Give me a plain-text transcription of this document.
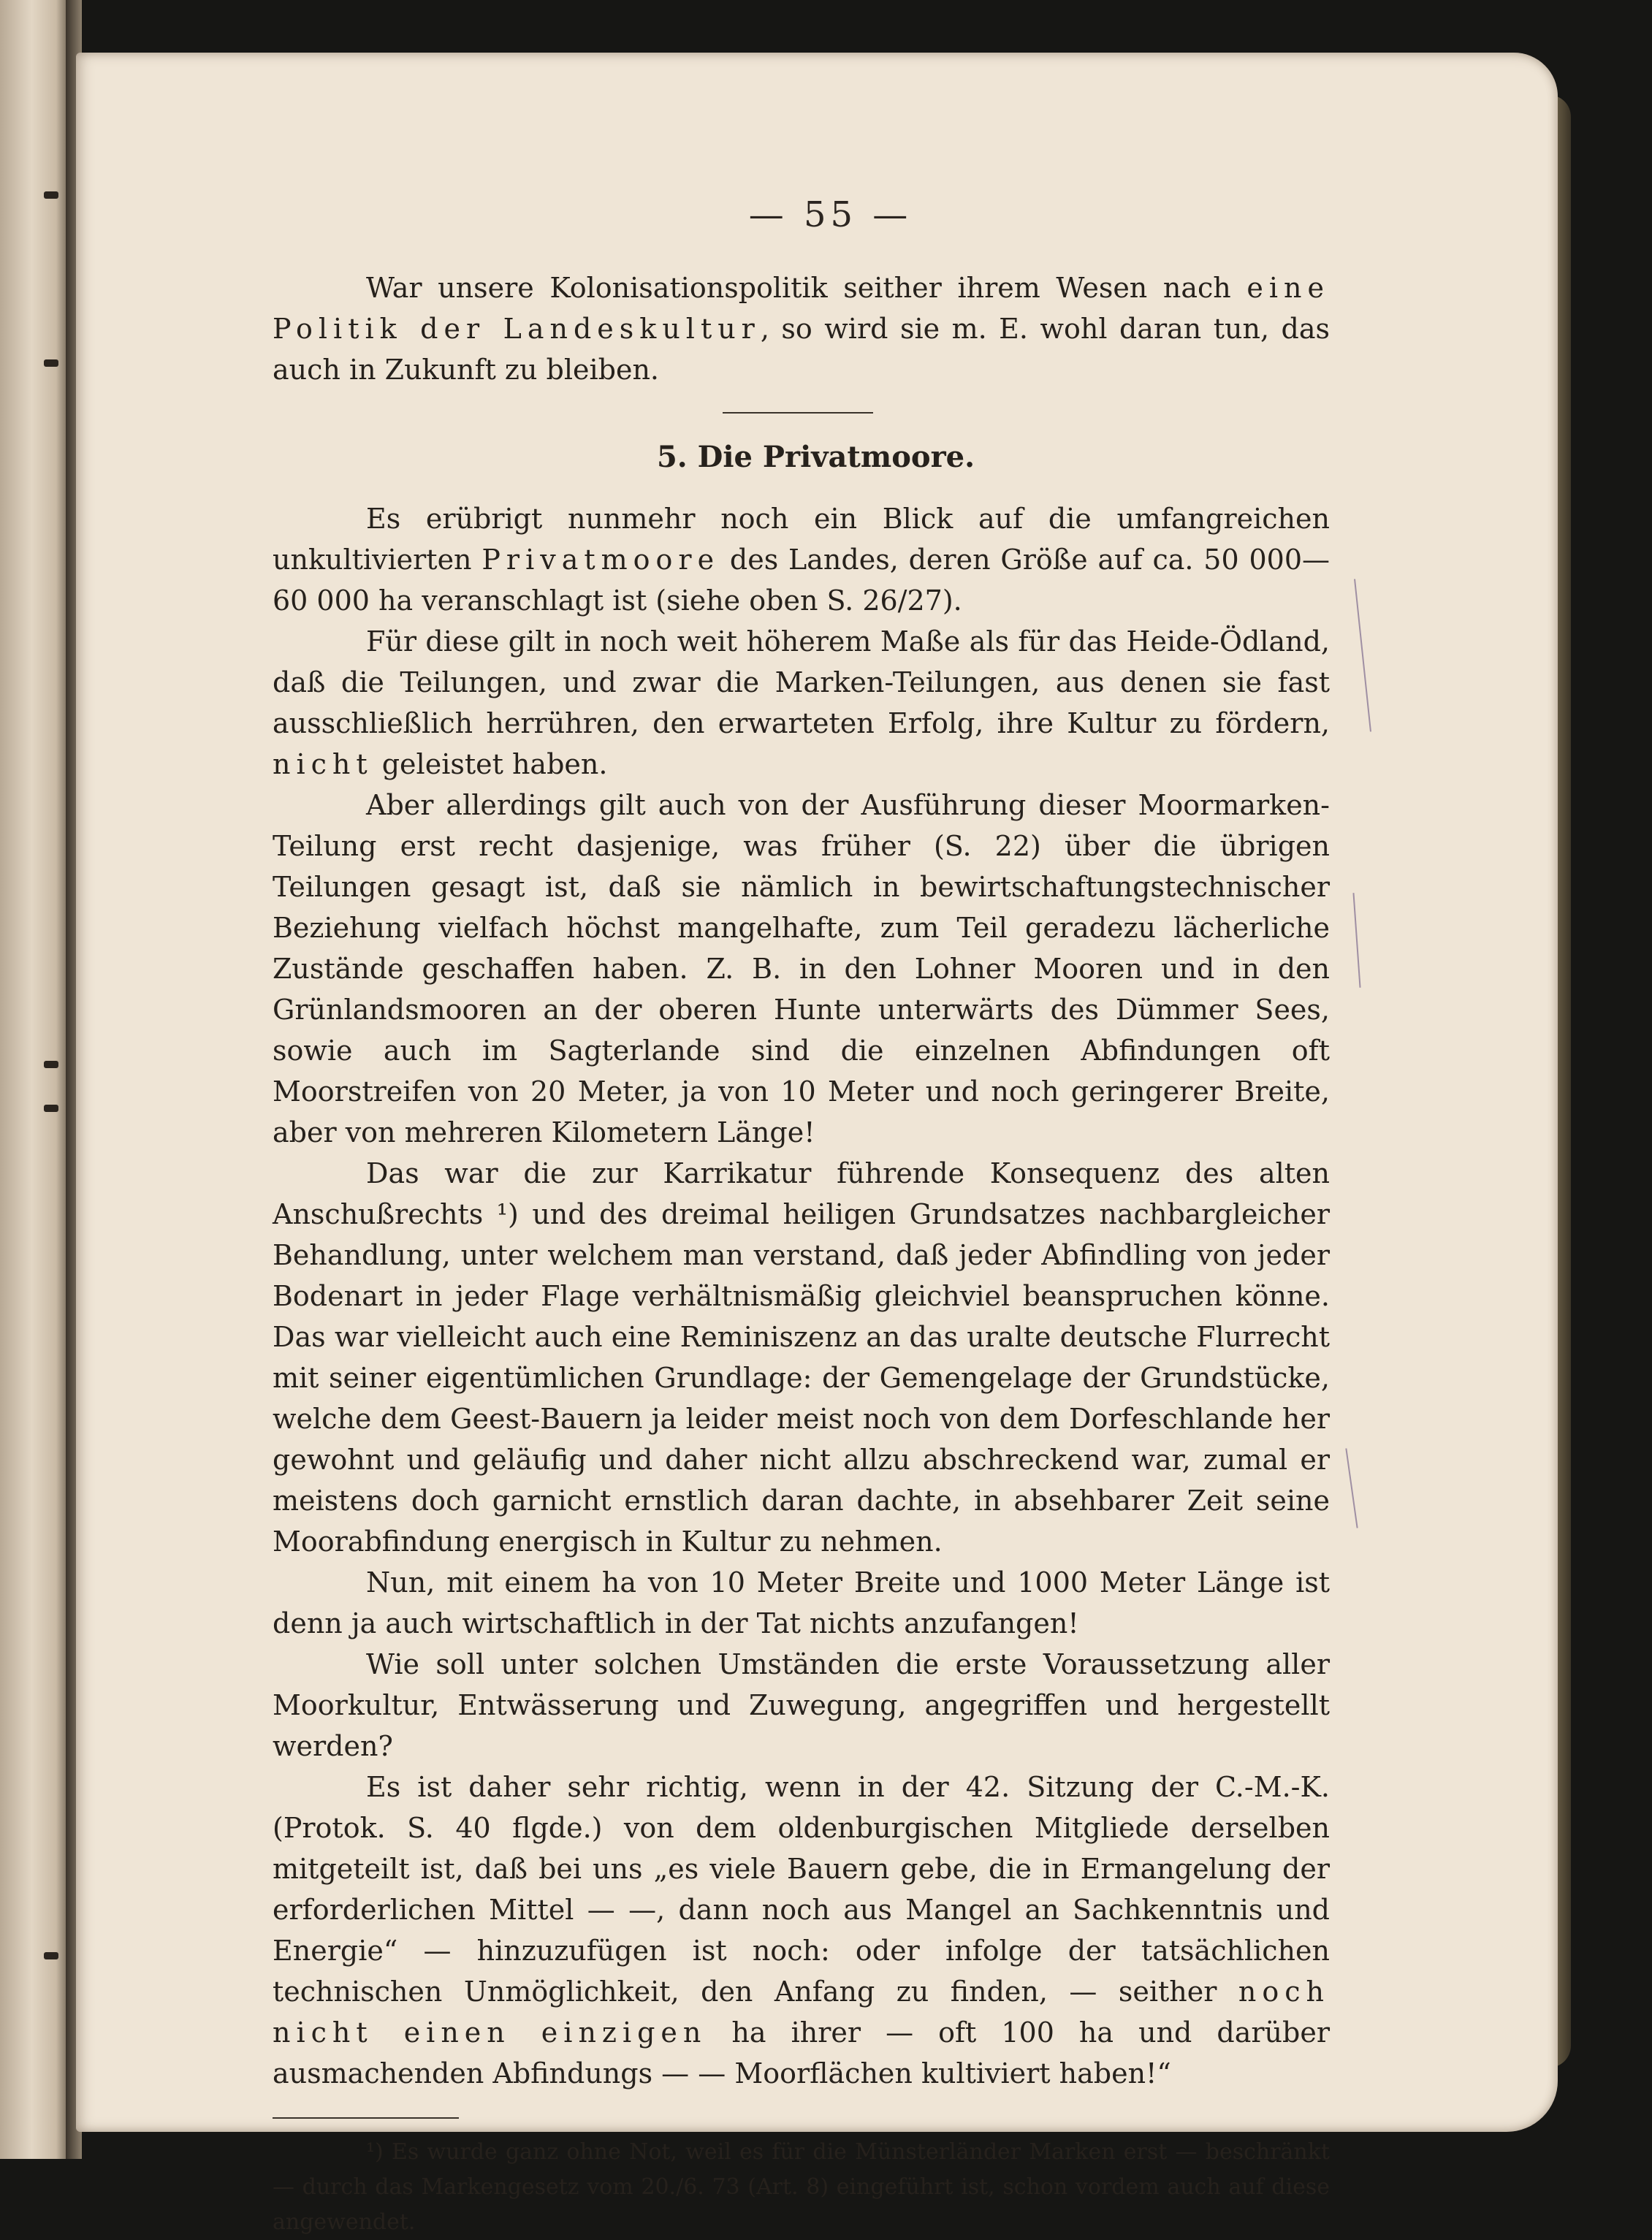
— 55 —

War unsere Kolonisationspolitik seither ihrem Wesen nach eine Politik der Landeskultur, so wird sie m. E. wohl daran tun, das auch in Zukunft zu bleiben.

5. Die Privatmoore.

Es erübrigt nunmehr noch ein Blick auf die umfangreichen unkultivierten Privatmoore des Landes, deren Größe auf ca. 50 000—60 000 ha veranschlagt ist (siehe oben S. 26/27).

Für diese gilt in noch weit höherem Maße als für das Heide-Ödland, daß die Teilungen, und zwar die Marken-Teilungen, aus denen sie fast ausschließlich herrühren, den erwarteten Erfolg, ihre Kultur zu fördern, nicht geleistet haben.

Aber allerdings gilt auch von der Ausführung dieser Moormarken-Teilung erst recht dasjenige, was früher (S. 22) über die übrigen Teilungen gesagt ist, daß sie nämlich in bewirtschaftungstechnischer Beziehung vielfach höchst mangelhafte, zum Teil geradezu lächerliche Zustände geschaffen haben. Z. B. in den Lohner Mooren und in den Grünlandsmooren an der oberen Hunte unterwärts des Dümmer Sees, sowie auch im Sagterlande sind die einzelnen Abfindungen oft Moorstreifen von 20 Meter, ja von 10 Meter und noch geringerer Breite, aber von mehreren Kilometern Länge!

Das war die zur Karrikatur führende Konsequenz des alten Anschußrechts ¹) und des dreimal heiligen Grundsatzes nachbargleicher Behandlung, unter welchem man verstand, daß jeder Abfindling von jeder Bodenart in jeder Flage verhältnismäßig gleichviel beanspruchen könne. Das war vielleicht auch eine Reminiszenz an das uralte deutsche Flurrecht mit seiner eigentümlichen Grundlage: der Gemengelage der Grundstücke, welche dem Geest-Bauern ja leider meist noch von dem Dorfeschlande her gewohnt und geläufig und daher nicht allzu abschreckend war, zumal er meistens doch garnicht ernstlich daran dachte, in absehbarer Zeit seine Moorabfindung energisch in Kultur zu nehmen.

Nun, mit einem ha von 10 Meter Breite und 1000 Meter Länge ist denn ja auch wirtschaftlich in der Tat nichts anzufangen!

Wie soll unter solchen Umständen die erste Voraussetzung aller Moorkultur, Entwässerung und Zuwegung, angegriffen und hergestellt werden?

Es ist daher sehr richtig, wenn in der 42. Sitzung der C.-M.-K. (Protok. S. 40 flgde.) von dem oldenburgischen Mitgliede derselben mitgeteilt ist, daß bei uns „es viele Bauern gebe, die in Ermangelung der erforderlichen Mittel — —, dann noch aus Mangel an Sachkenntnis und Energie“ — hinzuzufügen ist noch: oder infolge der tatsächlichen technischen Unmöglichkeit, den Anfang zu finden, — seither noch nicht einen einzigen ha ihrer — oft 100 ha und darüber ausmachenden Abfindungs — — Moorflächen kultiviert haben!“

¹) Es wurde ganz ohne Not, weil es für die Münsterländer Marken erst — beschränkt — durch das Markengesetz vom 20./6. 73 (Art. 8) eingeführt ist, schon vordem auch auf diese angewendet.
